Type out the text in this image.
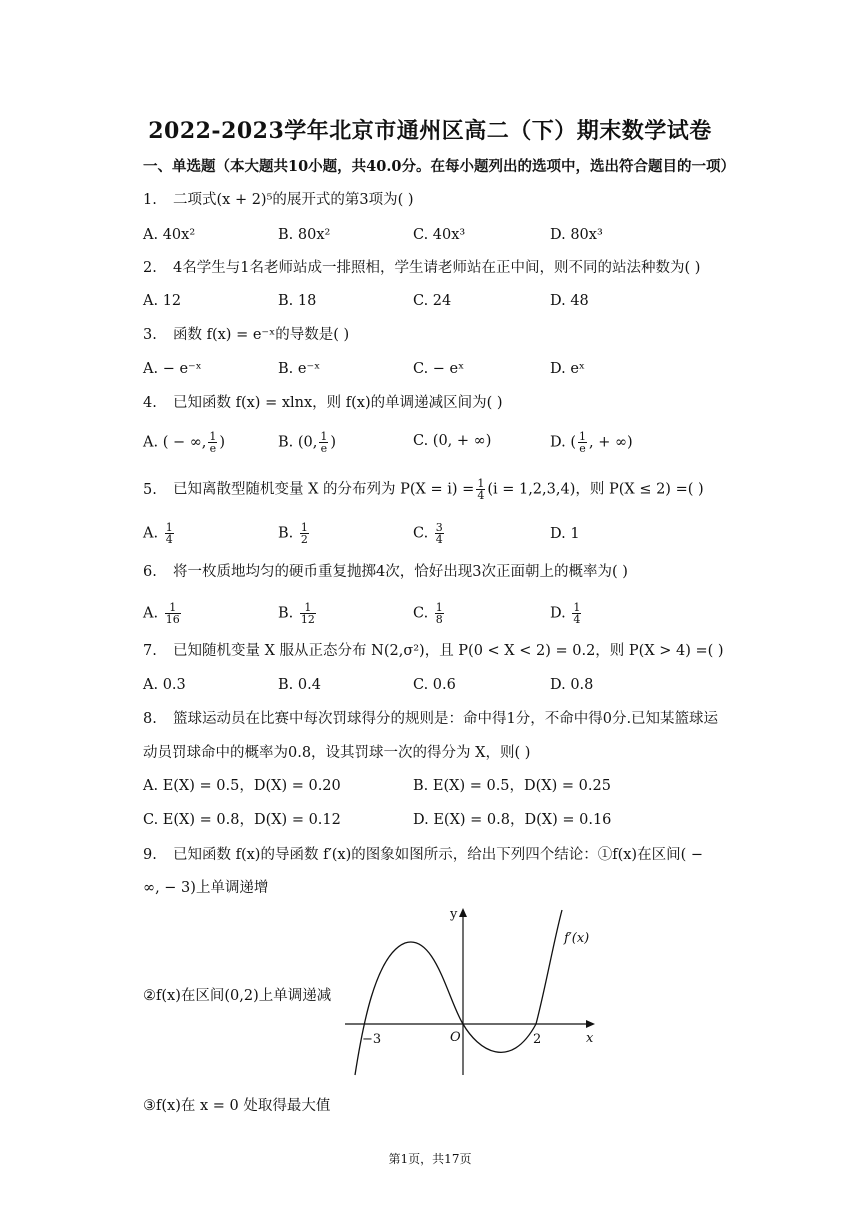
2022-2023学年北京市通州区高二（下）期末数学试卷
一、单选题（本大题共10小题，共40.0分。在每小题列出的选项中，选出符合题目的一项）
1. 二项式(x + 2)⁵的展开式的第3项为( )
A. 40x²	B. 80x²	C. 40x³	D. 80x³
2. 4名学生与1名老师站成一排照相，学生请老师站在正中间，则不同的站法种数为( )
A. 12	B. 18	C. 24	D. 48
3. 函数 f(x) = e⁻ˣ的导数是( )
A. − e⁻ˣ	B. e⁻ˣ	C. − eˣ	D. eˣ
4. 已知函数 f(x) = xlnx，则 f(x)的单调递减区间为( )
A. ( − ∞, $\frac{1}{e}$ )	B. (0, $\frac{1}{e}$ )	C. (0, + ∞)	D. ( $\frac{1}{e}$ , + ∞)
5. 已知离散型随机变量 X 的分布列为 $P(X = i) = \frac{1}{4} (i = 1,2,3,4)$，则 P(X ≤ 2) =( )
A. $\frac{1}{4}$	B. $\frac{1}{2}$	C. $\frac{3}{4}$	D. 1
6. 将一枚质地均匀的硬币重复抛掷4次，恰好出现3次正面朝上的概率为( )
A. $\frac{1}{16}$	B. $\frac{1}{12}$	C. $\frac{1}{8}$	D. $\frac{1}{4}$
7. 已知随机变量 X 服从正态分布 N(2,σ²)，且 P(0 < X < 2) = 0.2，则 P(X > 4) =( )
A. 0.3	B. 0.4	C. 0.6	D. 0.8
8. 篮球运动员在比赛中每次罚球得分的规则是：命中得1分，不命中得0分.已知某篮球运
动员罚球命中的概率为0.8，设其罚球一次的得分为 X，则( )
A. E(X) = 0.5，D(X) = 0.20	B. E(X) = 0.5，D(X) = 0.25
C. E(X) = 0.8，D(X) = 0.12	D. E(X) = 0.8，D(X) = 0.16
9. 已知函数 f(x)的导函数 f′(x)的图象如图所示，给出下列四个结论：①f(x)在区间( −
∞, − 3)上单调递增
②f(x)在区间(0,2)上单调递减
y
x
f′(x)
−3	O	2
③f(x)在 x = 0 处取得最大值
第1页，共17页
